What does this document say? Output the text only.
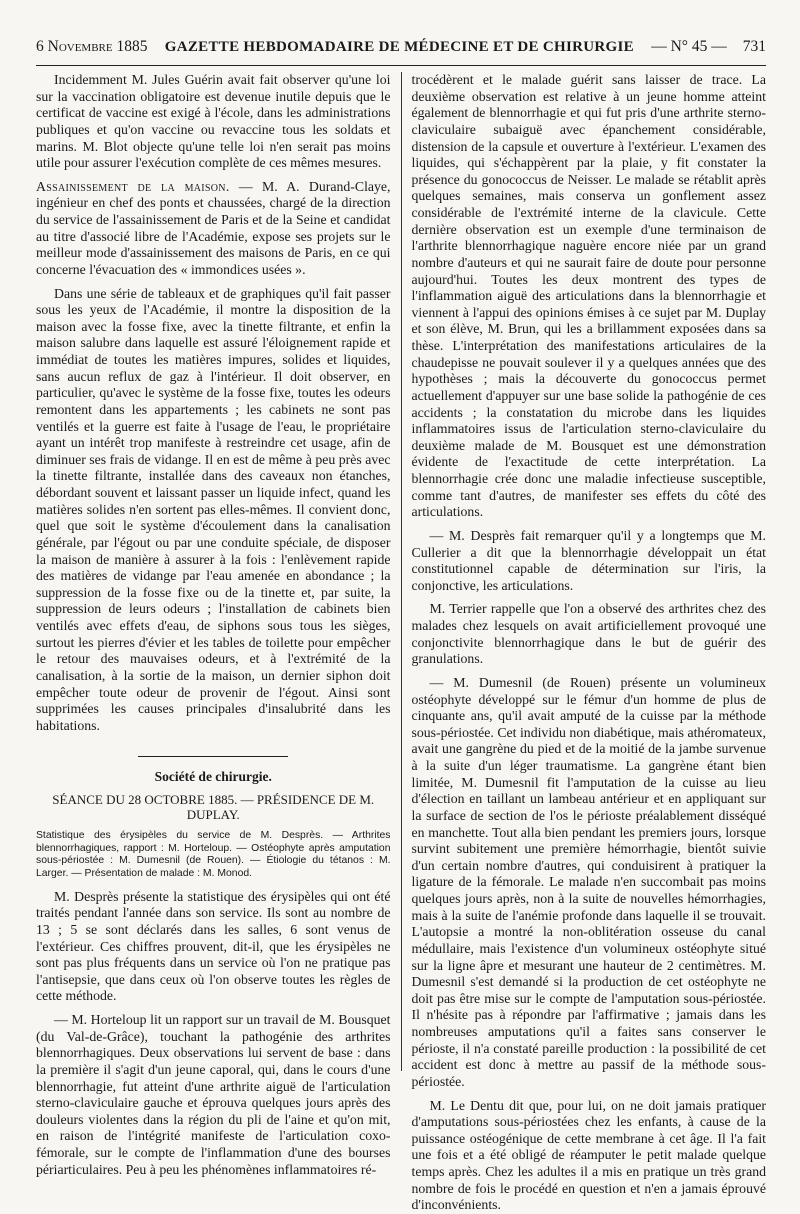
6 Novembre 1885 GAZETTE HEBDOMADAIRE DE MÉDECINE ET DE CHIRURGIE — N° 45 — 731

Incidemment M. Jules Guérin avait fait observer qu'une loi sur la vaccination obligatoire est devenue inutile depuis que le certificat de vaccine est exigé à l'école, dans les administrations publiques et qu'on vaccine ou revaccine tous les soldats et marins. M. Blot objecte qu'une telle loi n'en serait pas moins utile pour assurer l'exécution complète de ces mêmes mesures.

Assainissement de la maison. — M. A. Durand-Claye, ingénieur en chef des ponts et chaussées, chargé de la direction du service de l'assainissement de Paris et de la Seine et candidat au titre d'associé libre de l'Académie, expose ses projets sur le meilleur mode d'assainissement des maisons de Paris, en ce qui concerne l'évacuation des « immondices usées ».

Dans une série de tableaux et de graphiques qu'il fait passer sous les yeux de l'Académie, il montre la disposition de la maison avec la fosse fixe, avec la tinette filtrante, et enfin la maison salubre dans laquelle est assuré l'éloignement rapide et immédiat de toutes les matières impures, solides et liquides, sans aucun reflux de gaz à l'intérieur. Il doit observer, en particulier, qu'avec le système de la fosse fixe, toutes les odeurs remontent dans les appartements ; les cabinets ne sont pas ventilés et la guerre est faite à l'usage de l'eau, le propriétaire ayant un intérêt trop manifeste à restreindre cet usage, afin de diminuer ses frais de vidange. Il en est de même à peu près avec la tinette filtrante, installée dans des caveaux non étanches, débordant souvent et laissant passer un liquide infect, quand les matières solides n'en sortent pas elles-mêmes. Il convient donc, quel que soit le système d'écoulement dans la canalisation générale, par l'égout ou par une conduite spéciale, de disposer la maison de manière à assurer à la fois : l'enlèvement rapide des matières de vidange par l'eau amenée en abondance ; la suppression de la fosse fixe ou de la tinette et, par suite, la suppression de leurs odeurs ; l'installation de cabinets bien ventilés avec effets d'eau, de siphons sous tous les sièges, surtout les pierres d'évier et les tables de toilette pour empêcher le retour des mauvaises odeurs, et à l'extrémité de la canalisation, à la sortie de la maison, un dernier siphon doit empêcher toute odeur de provenir de l'égout. Ainsi sont supprimées les causes principales d'insalubrité dans les habitations.

Société de chirurgie.
SÉANCE DU 28 OCTOBRE 1885. — PRÉSIDENCE DE M. DUPLAY.
Statistique des érysipèles du service de M. Desprès. — Arthrites blennorrhagiques, rapport : M. Horteloup. — Ostéophyte après amputation sous-périostée : M. Dumesnil (de Rouen). — Étiologie du tétanos : M. Larger. — Présentation de malade : M. Monod.

M. Desprès présente la statistique des érysipèles qui ont été traités pendant l'année dans son service. Ils sont au nombre de 13 ; 5 se sont déclarés dans les salles, 6 sont venus de l'extérieur. Ces chiffres prouvent, dit-il, que les érysipèles ne sont pas plus fréquents dans un service où l'on ne pratique pas l'antisepsie, que dans ceux où l'on observe toutes les règles de cette méthode.

— M. Horteloup lit un rapport sur un travail de M. Bousquet (du Val-de-Grâce), touchant la pathogénie des arthrites blennorrhagiques. Deux observations lui servent de base : dans la première il s'agit d'un jeune caporal, qui, dans le cours d'une blennorrhagie, fut atteint d'une arthrite aiguë de l'articulation sterno-claviculaire gauche et éprouva quelques jours après des douleurs violentes dans la région du pli de l'aine et qu'on mit, en raison de l'intégrité manifeste de l'articulation coxo-fémorale, sur le compte de l'inflammation d'une des bourses périarticulaires. Peu à peu les phénomènes inflammatoires ré-

trocédèrent et le malade guérit sans laisser de trace. La deuxième observation est relative à un jeune homme atteint également de blennorrhagie et qui fut pris d'une arthrite sterno-claviculaire subaiguë avec épanchement considérable, distension de la capsule et ouverture à l'extérieur. L'examen des liquides, qui s'échappèrent par la plaie, y fit constater la présence du gonococcus de Neisser. Le malade se rétablit après quelques semaines, mais conserva un gonflement assez considérable de l'extrémité interne de la clavicule. Cette dernière observation est un exemple d'une terminaison de l'arthrite blennorrhagique naguère encore niée par un grand nombre d'auteurs et qui ne saurait faire de doute pour personne aujourd'hui. Toutes les deux montrent des types de l'inflammation aiguë des articulations dans la blennorrhagie et viennent à l'appui des opinions émises à ce sujet par M. Duplay et son élève, M. Brun, qui les a brillamment exposées dans sa thèse. L'interprétation des manifestations articulaires de la chaudepisse ne pouvait soulever il y a quelques années que des hypothèses ; mais la découverte du gonococcus permet actuellement d'appuyer sur une base solide la pathogénie de ces accidents ; la constatation du microbe dans les liquides inflammatoires issus de l'articulation sterno-claviculaire du deuxième malade de M. Bousquet est une démonstration évidente de l'exactitude de cette interprétation. La blennorrhagie crée donc une maladie infectieuse susceptible, comme tant d'autres, de manifester ses effets du côté des articulations.

— M. Desprès fait remarquer qu'il y a longtemps que M. Cullerier a dit que la blennorrhagie développait un état constitutionnel capable de détermination sur l'iris, la conjonctive, les articulations.

M. Terrier rappelle que l'on a observé des arthrites chez des malades chez lesquels on avait artificiellement provoqué une conjonctivite blennorrhagique dans le but de guérir des granulations.

— M. Dumesnil (de Rouen) présente un volumineux ostéophyte développé sur le fémur d'un homme de plus de cinquante ans, qu'il avait amputé de la cuisse par la méthode sous-périostée. Cet individu non diabétique, mais athéromateux, avait une gangrène du pied et de la moitié de la jambe survenue à la suite d'un léger traumatisme. La gangrène étant bien limitée, M. Dumesnil fit l'amputation de la cuisse au lieu d'élection en taillant un lambeau antérieur et en appliquant sur la surface de section de l'os le périoste préalablement disséqué en manchette. Tout alla bien pendant les premiers jours, lorsque survint subitement une première hémorrhagie, bientôt suivie d'un certain nombre d'autres, qui conduisirent à pratiquer la ligature de la fémorale. Le malade n'en succombait pas moins quelques jours après, non à la suite de nouvelles hémorrhagies, mais à la suite de l'anémie profonde dans laquelle il se trouvait. L'autopsie a montré la non-oblitération osseuse du canal médullaire, mais l'existence d'un volumineux ostéophyte situé sur la ligne âpre et mesurant une hauteur de 2 centimètres. M. Dumesnil s'est demandé si la production de cet ostéophyte ne doit pas être mise sur le compte de l'amputation sous-périostée. Il n'hésite pas à répondre par l'affirmative ; jamais dans les nombreuses amputations qu'il a faites sans conserver le périoste, il n'a constaté pareille production : la possibilité de cet accident est donc à mettre au passif de la méthode sous-périostée.

M. Le Dentu dit que, pour lui, on ne doit jamais pratiquer d'amputations sous-périostées chez les enfants, à cause de la puissance ostéogénique de cette membrane à cet âge. Il l'a fait une fois et a été obligé de réamputer le petit malade quelque temps après. Chez les adultes il a mis en pratique un très grand nombre de fois le procédé en question et n'en a jamais éprouvé d'inconvénients.
